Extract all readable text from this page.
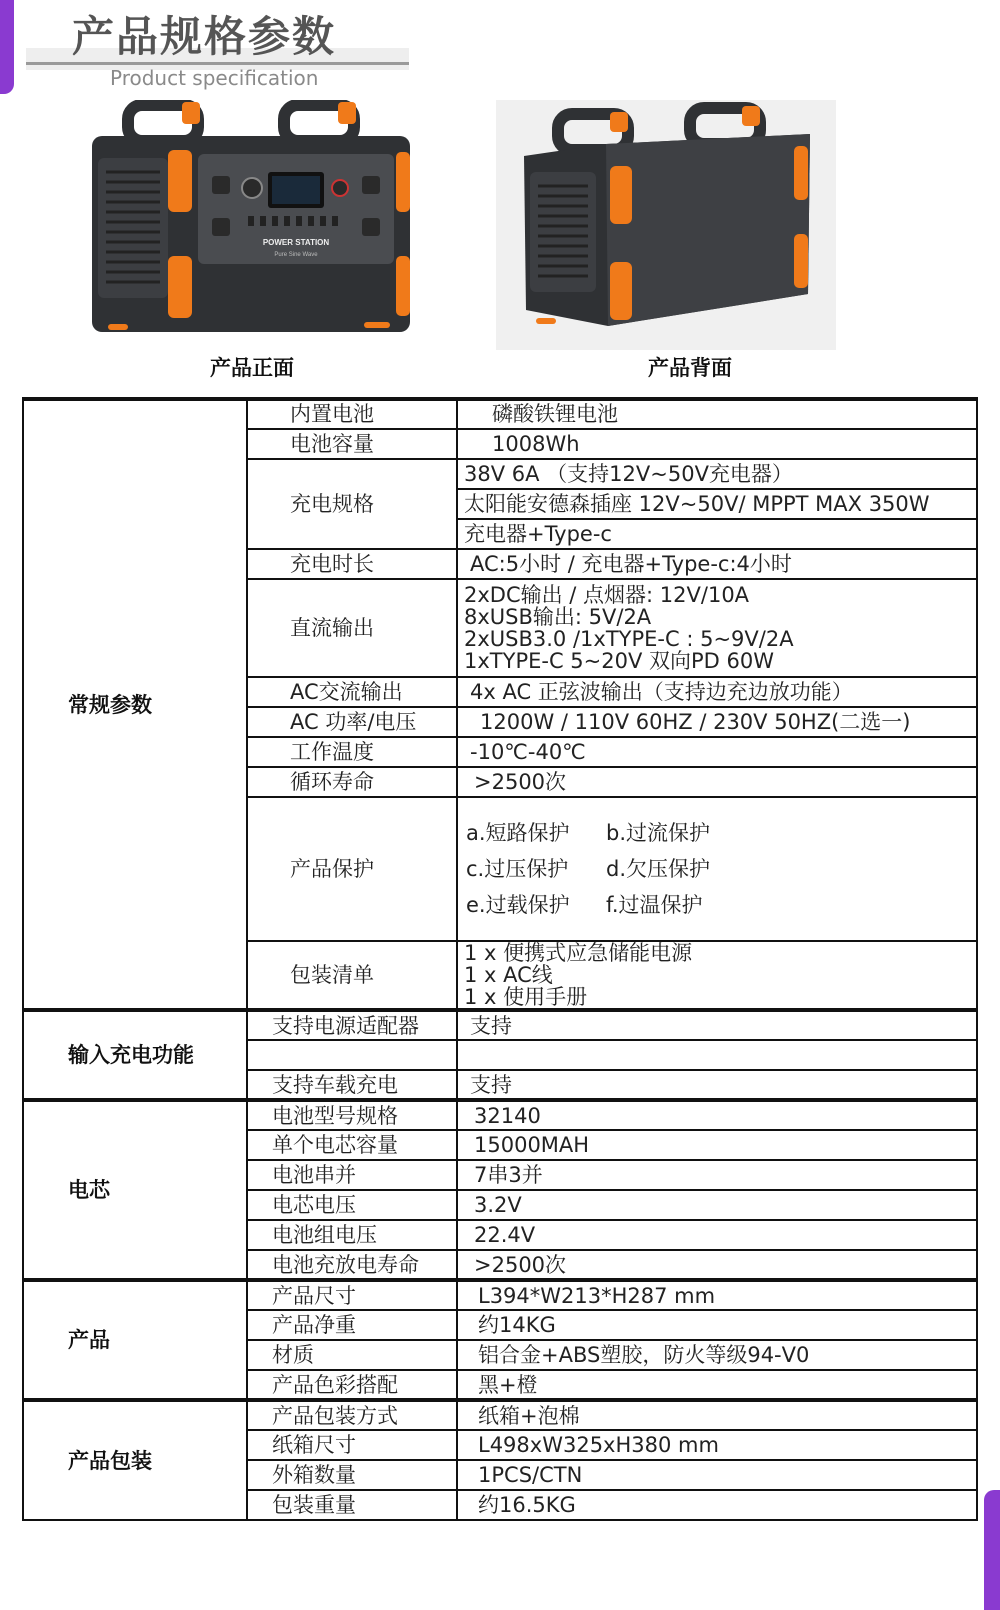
产品规格参数
Product specification
POWER STATION
Pure Sine Wave
产品正面	产品背面
常规参数	内置电池	磷酸铁锂电池
	电池容量	1008Wh
	充电规格	38V 6A （支持12V~50V充电器）
		太阳能安德森插座 12V~50V/ MPPT MAX 350W
		充电器+Type-c
	充电时长	AC:5小时 / 充电器+Type-c:4小时
	直流输出	2xDC输出 / 点烟器: 12V/10A
8xUSB输出: 5V/2A
2xUSB3.0 /1xTYPE-C : 5~9V/2A
1xTYPE-C 5~20V 双向PD 60W

	AC交流输出	4x AC 正弦波输出（支持边充边放功能）
	AC 功率/电压	1200W / 110V 60HZ / 230V 50HZ(二选一)
	工作温度	-10℃-40℃
	循环寿命	>2500次
	产品保护	a.短路保护 b.过流保护
c.过压保护 d.欠压保护
e.过载保护 f.过温保护

	包装清单	1 x 便携式应急储能电源
1 x AC线
1 x 使用手册

输入充电功能	支持电源适配器	支持

	支持车载充电	支持
电芯	电池型号规格	32140
	单个电芯容量	15000MAH
	电池串并	7串3并
	电芯电压	3.2V
	电池组电压	22.4V
	电池充放电寿命	>2500次
产品	产品尺寸	L394*W213*H287 mm
	产品净重	约14KG
	材质	铝合金+ABS塑胶，防火等级94-V0
	产品色彩搭配	黑+橙
产品包装	产品包装方式	纸箱+泡棉
	纸箱尺寸	L498xW325xH380 mm
	外箱数量	1PCS/CTN
	包装重量	约16.5KG
